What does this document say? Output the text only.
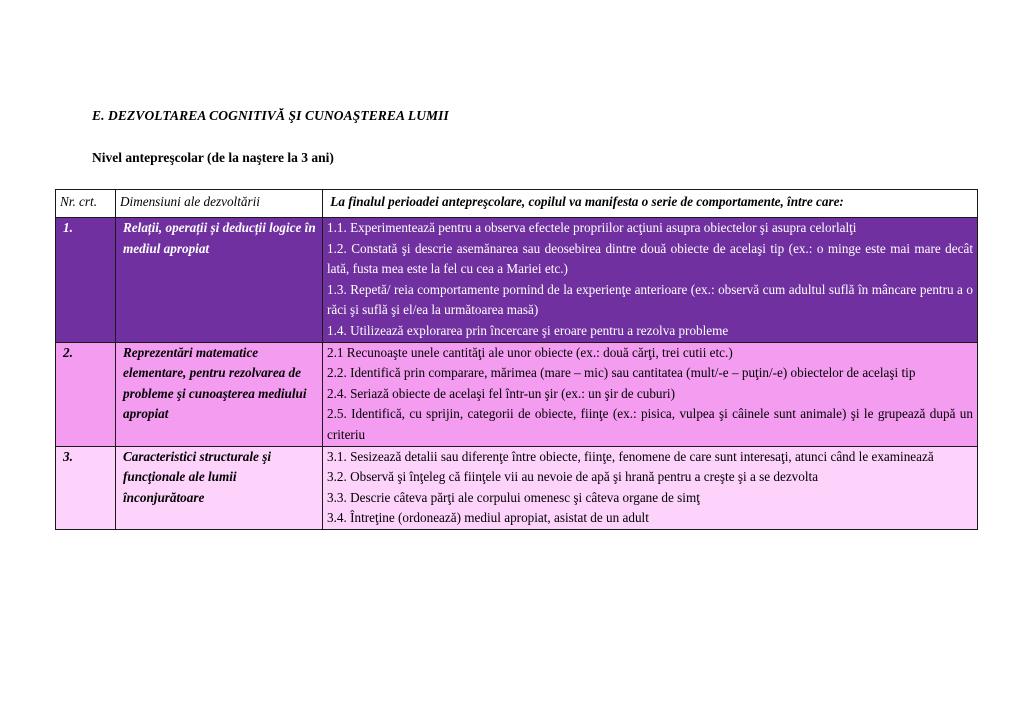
E. DEZVOLTAREA COGNITIVĂ ŞI CUNOAŞTEREA LUMII
Nivel antepreşcolar (de la naştere la 3 ani)
Nr. crt.	Dimensiuni ale dezvoltării	La finalul perioadei antepreşcolare, copilul va manifesta o serie de comportamente, între care:
1.	Relații, operații și deducții logice în mediul apropiat	1.1. Experimentează pentru a observa efectele propriilor acţiuni asupra obiectelor şi asupra celorlalţi

1.2. Constată şi descrie asemănarea sau deosebirea dintre două obiecte de acelaşi tip (ex.: o minge este mai mare decât lată, fusta mea este la fel cu cea a Mariei etc.)

1.3. Repetă/ reia comportamente pornind de la experienţe anterioare (ex.: observă cum adultul suflă în mâncare pentru a o răci şi suflă şi el/ea la următoarea masă)

1.4. Utilizează explorarea prin încercare şi eroare pentru a rezolva probleme

2.	Reprezentări matematice elementare, pentru rezolvarea de probleme şi cunoaşterea mediului apropiat	2.1 Recunoaşte unele cantităţi ale unor obiecte (ex.: două cărţi, trei cutii etc.)

2.2. Identifică prin comparare, mărimea (mare – mic) sau cantitatea (mult/-e – puţin/-e) obiectelor de acelaşi tip

2.4. Seriază obiecte de acelaşi fel într-un şir (ex.: un şir de cuburi)

2.5. Identifică, cu sprijin, categorii de obiecte, fiinţe (ex.: pisica, vulpea şi câinele sunt animale) şi le grupează după un criteriu

3.	Caracteristici structurale şi funcţionale ale lumii înconjurătoare	3.1. Sesizează detalii sau diferenţe între obiecte, fiinţe, fenomene de care sunt interesaţi, atunci când le examinează

3.2. Observă şi înţeleg că fiinţele vii au nevoie de apă şi hrană pentru a creşte şi a se dezvolta

3.3. Descrie câteva părţi ale corpului omenesc şi câteva organe de simţ

3.4. Întreţine (ordonează) mediul apropiat, asistat de un adult
